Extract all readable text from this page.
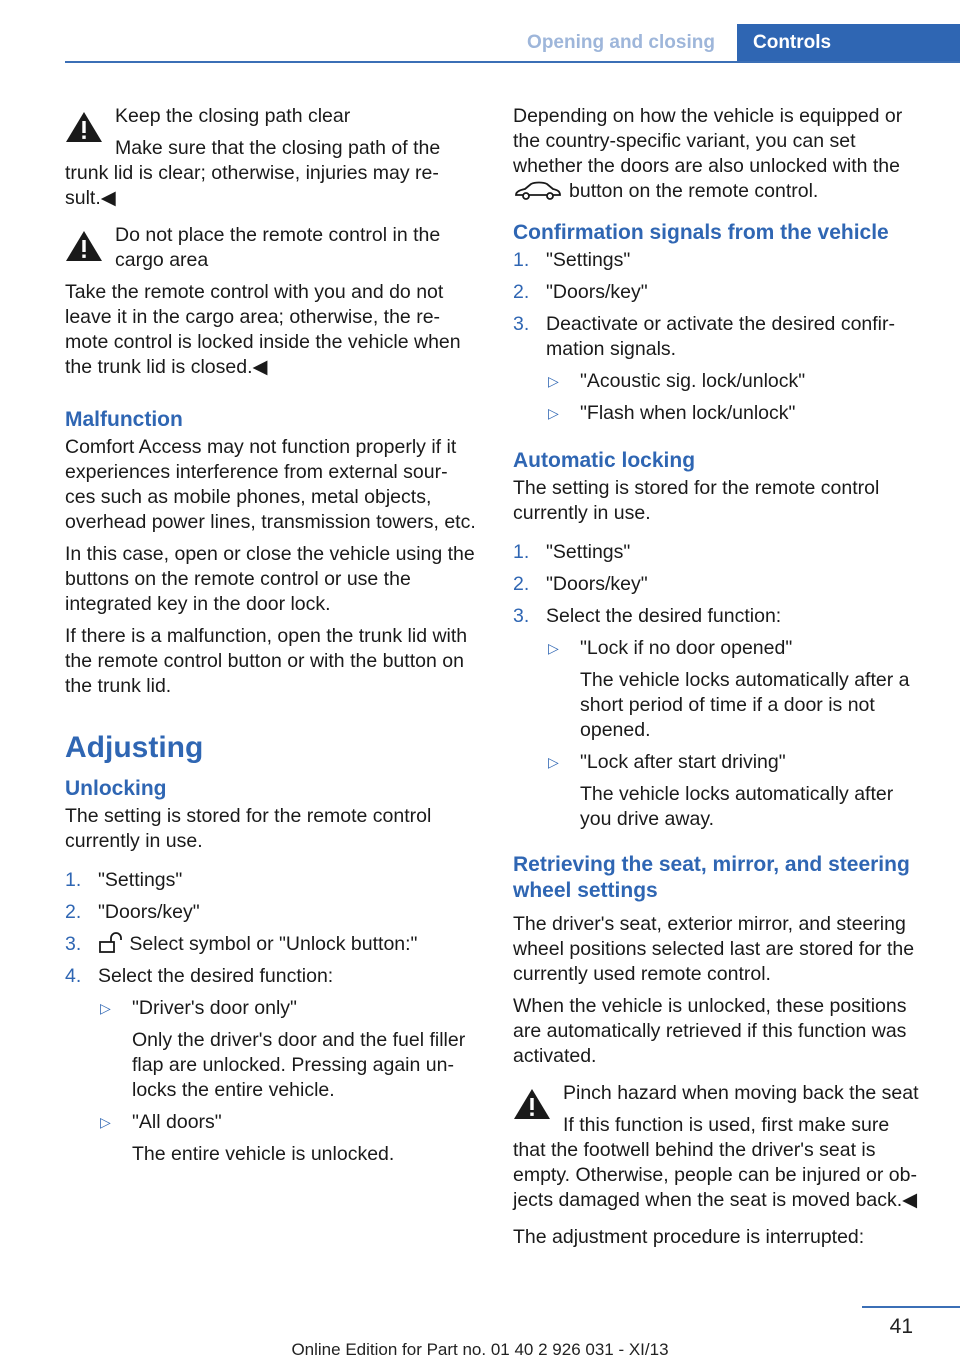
Opening and closing	Controls
Keep the closing path clear
Make sure that the closing path of the
trunk lid is clear; otherwise, injuries may re‐ sult.◀
Do not place the remote control in the cargo area
Take the remote control with you and do not leave it in the cargo area; otherwise, the re‐ mote control is locked inside the vehicle when the trunk lid is closed.◀
Malfunction

Comfort Access may not function properly if it experiences interference from external sour‐ ces such as mobile phones, metal objects, overhead power lines, transmission towers, etc.

In this case, open or close the vehicle using the buttons on the remote control or use the integrated key in the door lock.

If there is a malfunction, open the trunk lid with the remote control button or with the button on the trunk lid.

Adjusting
Unlocking

The setting is stored for the remote control currently in use.

1. "Settings"
2. "Doors/key"
3. Select symbol or "Unlock button:"
4. Select the desired function:
▷ "Driver's door only"
Only the driver's door and the fuel filler flap are unlocked. Pressing again un‐ locks the entire vehicle.
▷ "All doors"
The entire vehicle is unlocked.

Depending on how the vehicle is equipped or the country-specific variant, you can set whether the doors are also unlocked with the
button on the remote control.

Confirmation signals from the vehicle
1. "Settings"
2. "Doors/key"
3. Deactivate or activate the desired confir‐ mation signals.
▷ "Acoustic sig. lock/unlock"
▷ "Flash when lock/unlock"
Automatic locking

The setting is stored for the remote control currently in use.

1. "Settings"
2. "Doors/key"
3. Select the desired function:
▷ "Lock if no door opened"
The vehicle locks automatically after a short period of time if a door is not opened.
▷ "Lock after start driving"
The vehicle locks automatically after you drive away.
Retrieving the seat, mirror, and steering wheel settings

The driver's seat, exterior mirror, and steering wheel positions selected last are stored for the currently used remote control.

When the vehicle is unlocked, these positions are automatically retrieved if this function was activated.

Pinch hazard when moving back the seat
If this function is used, first make sure
that the footwell behind the driver's seat is empty. Otherwise, people can be injured or ob‐ jects damaged when the seat is moved back.◀

The adjustment procedure is interrupted:

41
Online Edition for Part no. 01 40 2 926 031 - XI/13
